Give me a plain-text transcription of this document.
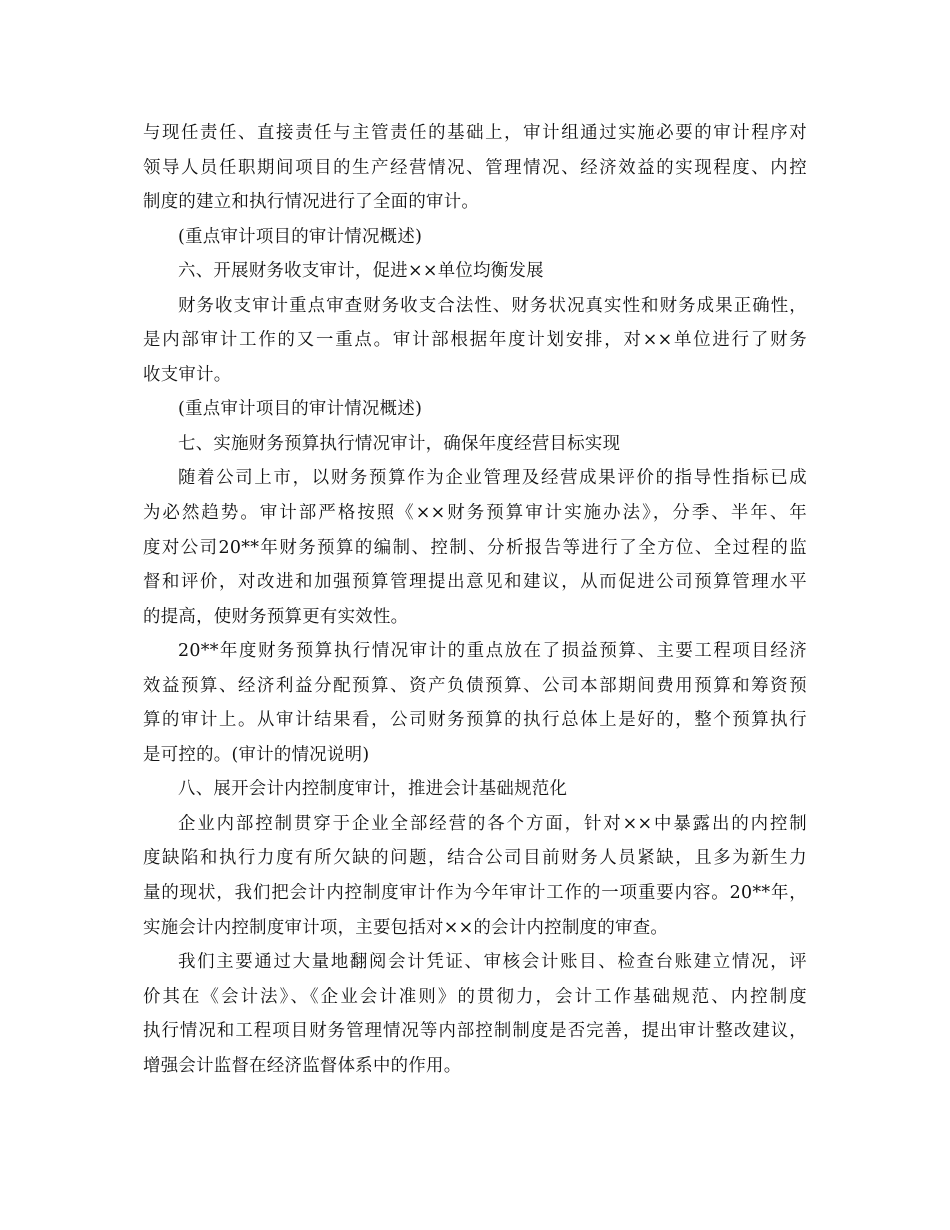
与现任责任、直接责任与主管责任的基础上，审计组通过实施必要的审计程序对
领导人员任职期间项目的生产经营情况、管理情况、经济效益的实现程度、内控
制度的建立和执行情况进行了全面的审计。
(重点审计项目的审计情况概述)
六、开展财务收支审计，促进××单位均衡发展
财务收支审计重点审查财务收支合法性、财务状况真实性和财务成果正确性，
是内部审计工作的又一重点。审计部根据年度计划安排，对××单位进行了财务
收支审计。
(重点审计项目的审计情况概述)
七、实施财务预算执行情况审计，确保年度经营目标实现
随着公司上市，以财务预算作为企业管理及经营成果评价的指导性指标已成
为必然趋势。审计部严格按照《××财务预算审计实施办法》，分季、半年、年
度对公司20**年财务预算的编制、控制、分析报告等进行了全方位、全过程的监
督和评价，对改进和加强预算管理提出意见和建议，从而促进公司预算管理水平
的提高，使财务预算更有实效性。
20**年度财务预算执行情况审计的重点放在了损益预算、主要工程项目经济
效益预算、经济利益分配预算、资产负债预算、公司本部期间费用预算和筹资预
算的审计上。从审计结果看，公司财务预算的执行总体上是好的，整个预算执行
是可控的。(审计的情况说明)
八、展开会计内控制度审计，推进会计基础规范化
企业内部控制贯穿于企业全部经营的各个方面，针对××中暴露出的内控制
度缺陷和执行力度有所欠缺的问题，结合公司目前财务人员紧缺，且多为新生力
量的现状，我们把会计内控制度审计作为今年审计工作的一项重要内容。20**年，
实施会计内控制度审计项，主要包括对××的会计内控制度的审查。
我们主要通过大量地翻阅会计凭证、审核会计账目、检查台账建立情况，评
价其在《会计法》、《企业会计准则》的贯彻力，会计工作基础规范、内控制度
执行情况和工程项目财务管理情况等内部控制制度是否完善，提出审计整改建议，
增强会计监督在经济监督体系中的作用。
